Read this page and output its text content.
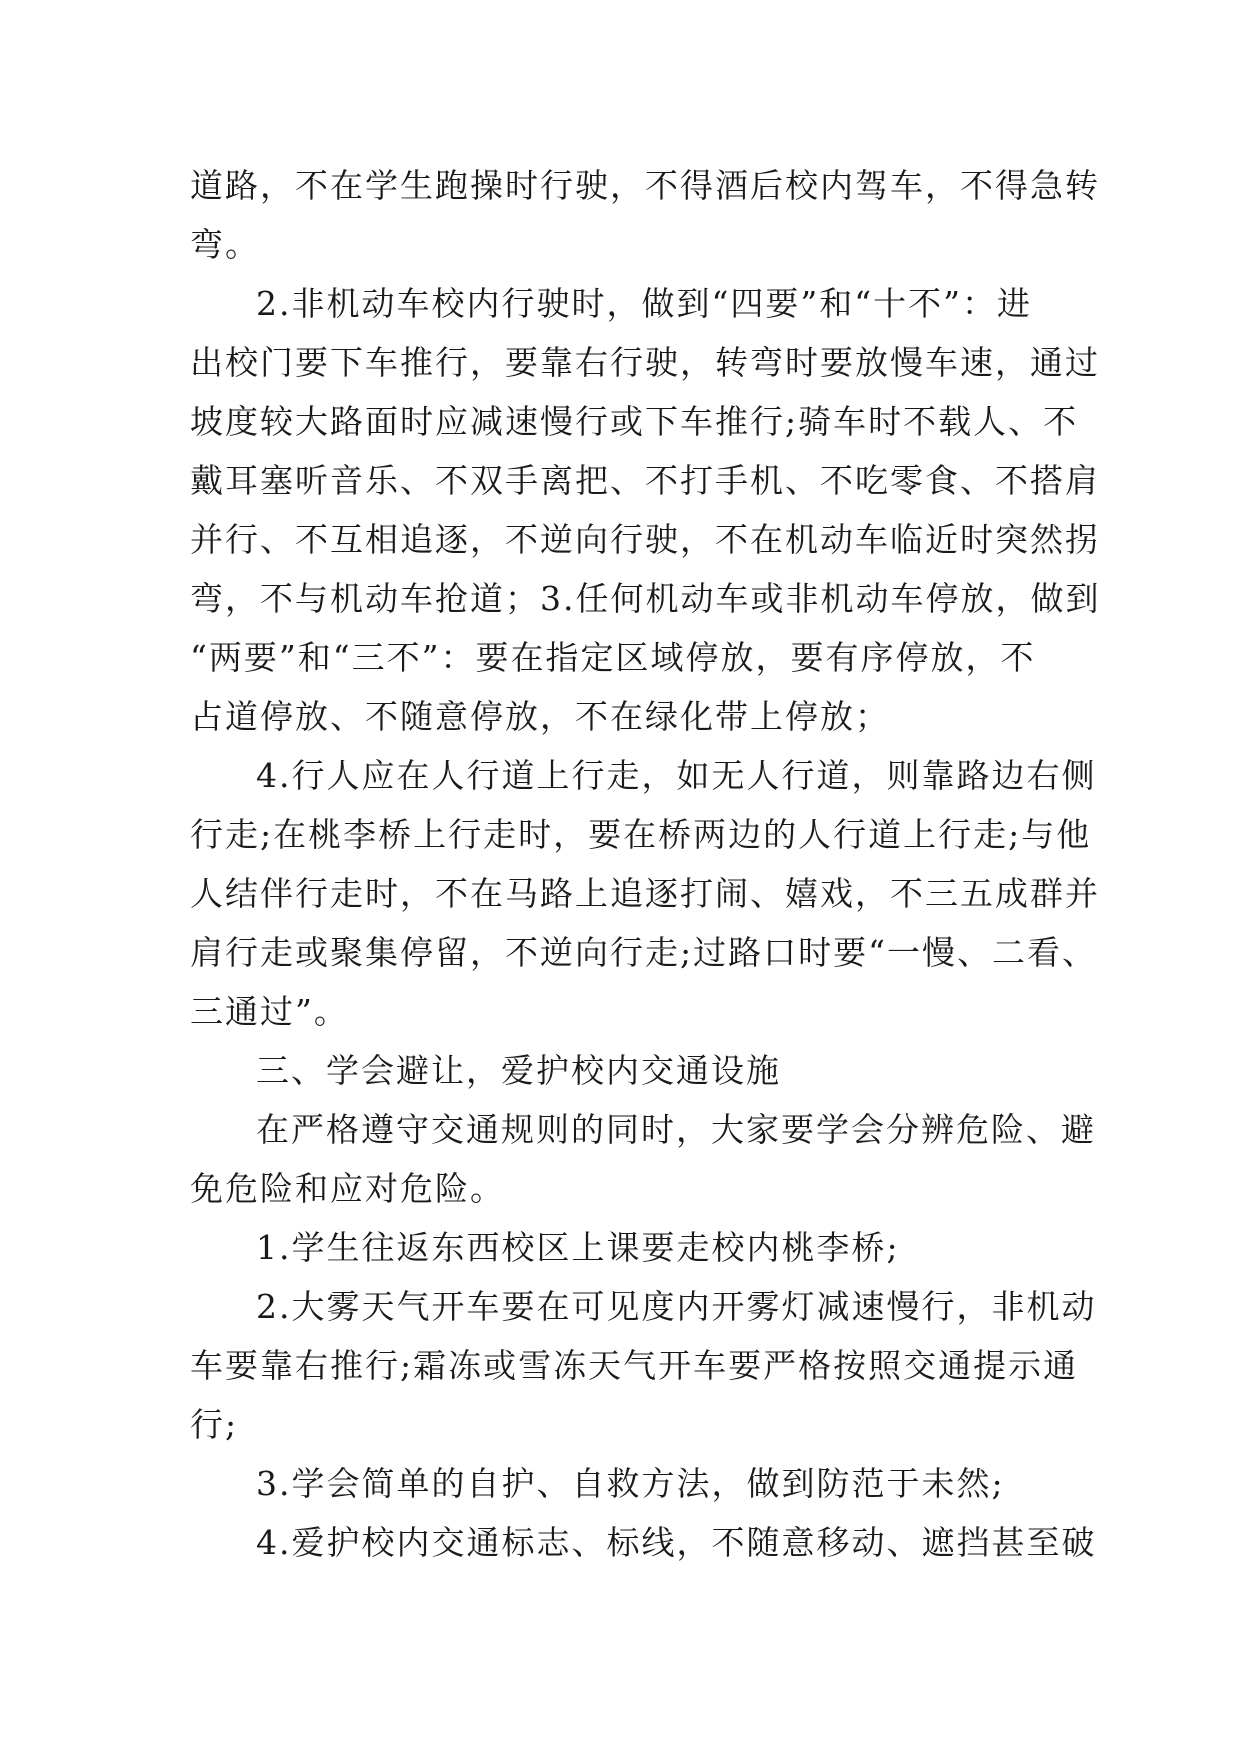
道路，不在学生跑操时行驶，不得酒后校内驾车，不得急转
弯。
2.非机动车校内行驶时，做到“四要”和“十不”：进
出校门要下车推行，要靠右行驶，转弯时要放慢车速，通过
坡度较大路面时应减速慢行或下车推行;骑车时不载人、不
戴耳塞听音乐、不双手离把、不打手机、不吃零食、不搭肩
并行、不互相追逐，不逆向行驶，不在机动车临近时突然拐
弯，不与机动车抢道；3.任何机动车或非机动车停放，做到
“两要”和“三不”：要在指定区域停放，要有序停放，不
占道停放、不随意停放，不在绿化带上停放；
4.行人应在人行道上行走，如无人行道，则靠路边右侧
行走;在桃李桥上行走时，要在桥两边的人行道上行走;与他
人结伴行走时，不在马路上追逐打闹、嬉戏，不三五成群并
肩行走或聚集停留，不逆向行走;过路口时要“一慢、二看、
三通过”。
三、学会避让，爱护校内交通设施
在严格遵守交通规则的同时，大家要学会分辨危险、避
免危险和应对危险。
1.学生往返东西校区上课要走校内桃李桥;
2.大雾天气开车要在可见度内开雾灯减速慢行，非机动
车要靠右推行;霜冻或雪冻天气开车要严格按照交通提示通
行;
3.学会简单的自护、自救方法，做到防范于未然;
4.爱护校内交通标志、标线，不随意移动、遮挡甚至破
